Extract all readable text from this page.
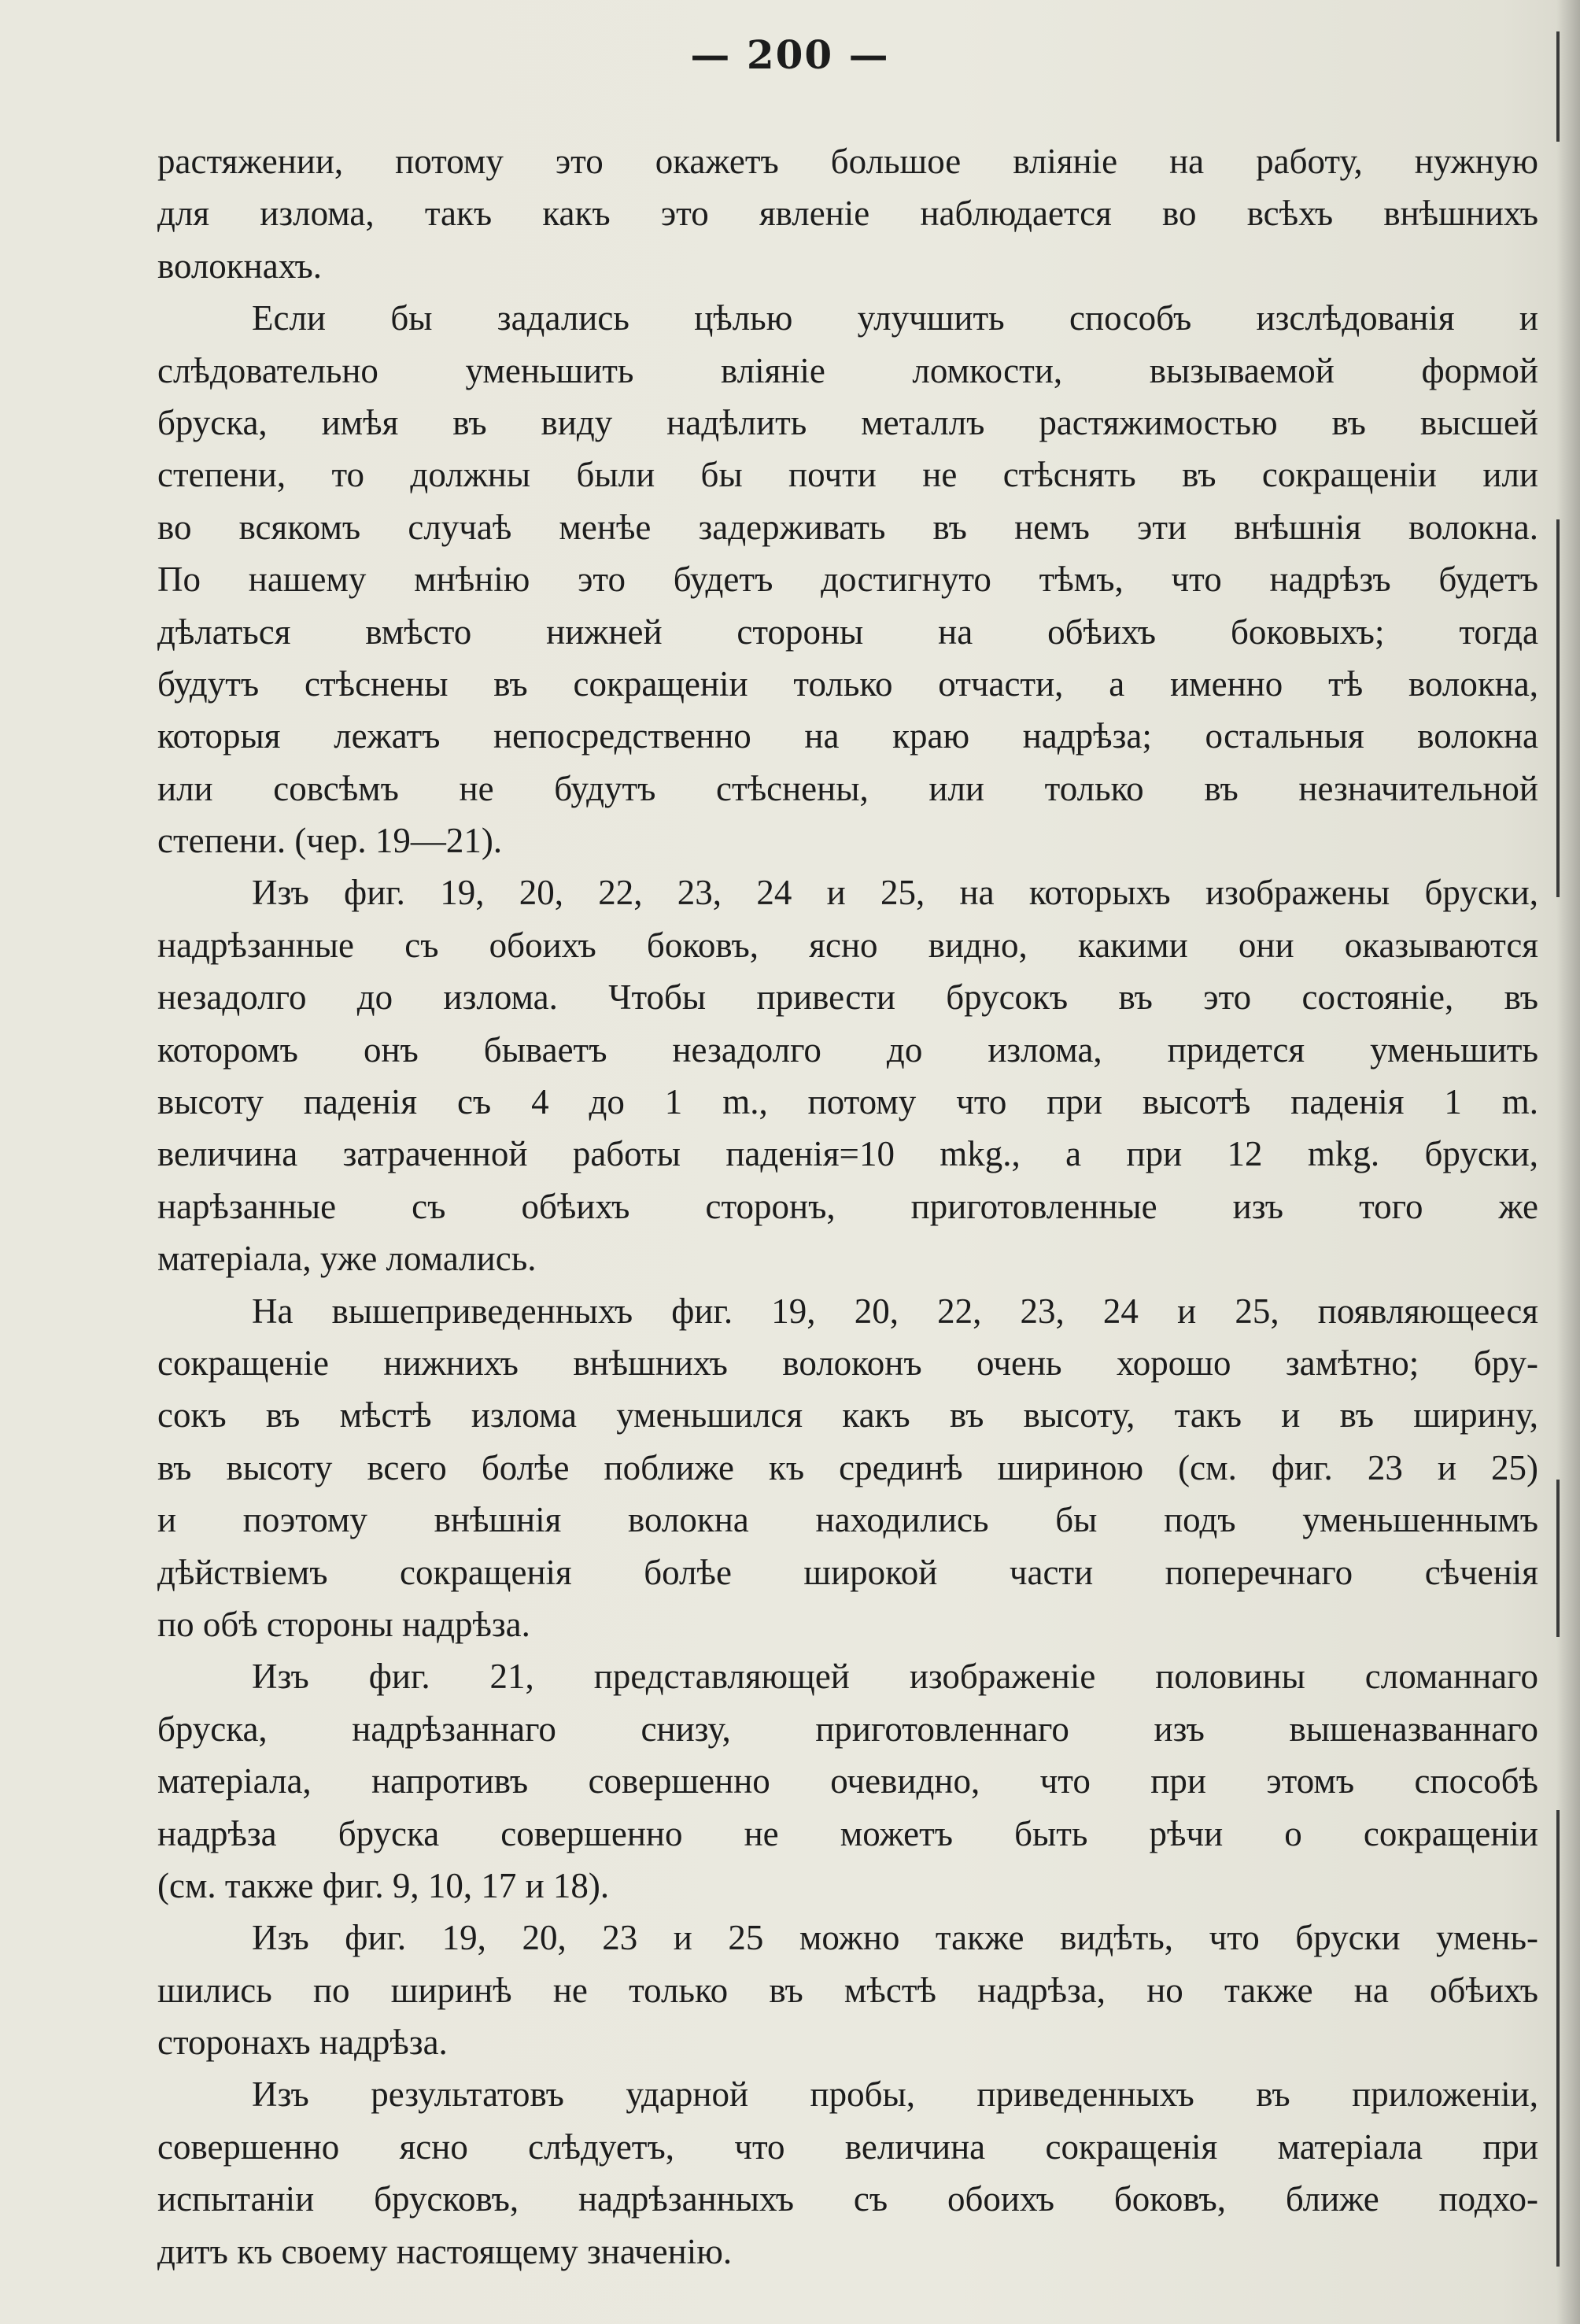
— 200 —
растяжении, потому это окажетъ большое вліяніе на работу, нужную
для излома, такъ какъ это явленіе наблюдается во всѣхъ внѣшнихъ
волокнахъ.
Если бы задались цѣлью улучшить способъ изслѣдованія и
слѣдовательно уменьшить вліяніе ломкости, вызываемой формой
бруска, имѣя въ виду надѣлить металлъ растяжимостью въ высшей
степени, то должны были бы почти не стѣснять въ сокращеніи или
во всякомъ случаѣ менѣе задерживать въ немъ эти внѣшнія волокна.
По нашему мнѣнію это будетъ достигнуто тѣмъ, что надрѣзъ будетъ
дѣлаться вмѣсто нижней стороны на обѣихъ боковыхъ; тогда
будутъ стѣснены въ сокращеніи только отчасти, а именно тѣ волокна,
которыя лежатъ непосредственно на краю надрѣза; остальныя волокна
или совсѣмъ не будутъ стѣснены, или только въ незначительной
степени. (чер. 19—21).
Изъ фиг. 19, 20, 22, 23, 24 и 25, на которыхъ изображены бруски,
надрѣзанные съ обоихъ боковъ, ясно видно, какими они оказываются
незадолго до излома. Чтобы привести брусокъ въ это состояніе, въ
которомъ онъ бываетъ незадолго до излома, придется уменьшить
высоту паденія съ 4 до 1 m., потому что при высотѣ паденія 1 m.
величина затраченной работы паденія=10 mkg., а при 12 mkg. бруски,
нарѣзанные съ обѣихъ сторонъ, приготовленные изъ того же
матеріала, уже ломались.
На вышеприведенныхъ фиг. 19, 20, 22, 23, 24 и 25, появляющееся
сокращеніе нижнихъ внѣшнихъ волоконъ очень хорошо замѣтно; бру-
сокъ въ мѣстѣ излома уменьшился какъ въ высоту, такъ и въ ширину,
въ высоту всего болѣе поближе къ срединѣ шириною (см. фиг. 23 и 25)
и поэтому внѣшнія волокна находились бы подъ уменьшеннымъ
дѣйствіемъ сокращенія болѣе широкой части поперечнаго сѣченія
по обѣ стороны надрѣза.
Изъ фиг. 21, представляющей изображеніе половины сломаннаго
бруска, надрѣзаннаго снизу, приготовленнаго изъ вышеназваннаго
матеріала, напротивъ совершенно очевидно, что при этомъ способѣ
надрѣза бруска совершенно не можетъ быть рѣчи о сокращеніи
(см. также фиг. 9, 10, 17 и 18).
Изъ фиг. 19, 20, 23 и 25 можно также видѣть, что бруски умень-
шились по ширинѣ не только въ мѣстѣ надрѣза, но также на обѣихъ
сторонахъ надрѣза.
Изъ результатовъ ударной пробы, приведенныхъ въ приложеніи,
совершенно ясно слѣдуетъ, что величина сокращенія матеріала при
испытаніи брусковъ, надрѣзанныхъ съ обоихъ боковъ, ближе подхо-
дитъ къ своему настоящему значенію.
